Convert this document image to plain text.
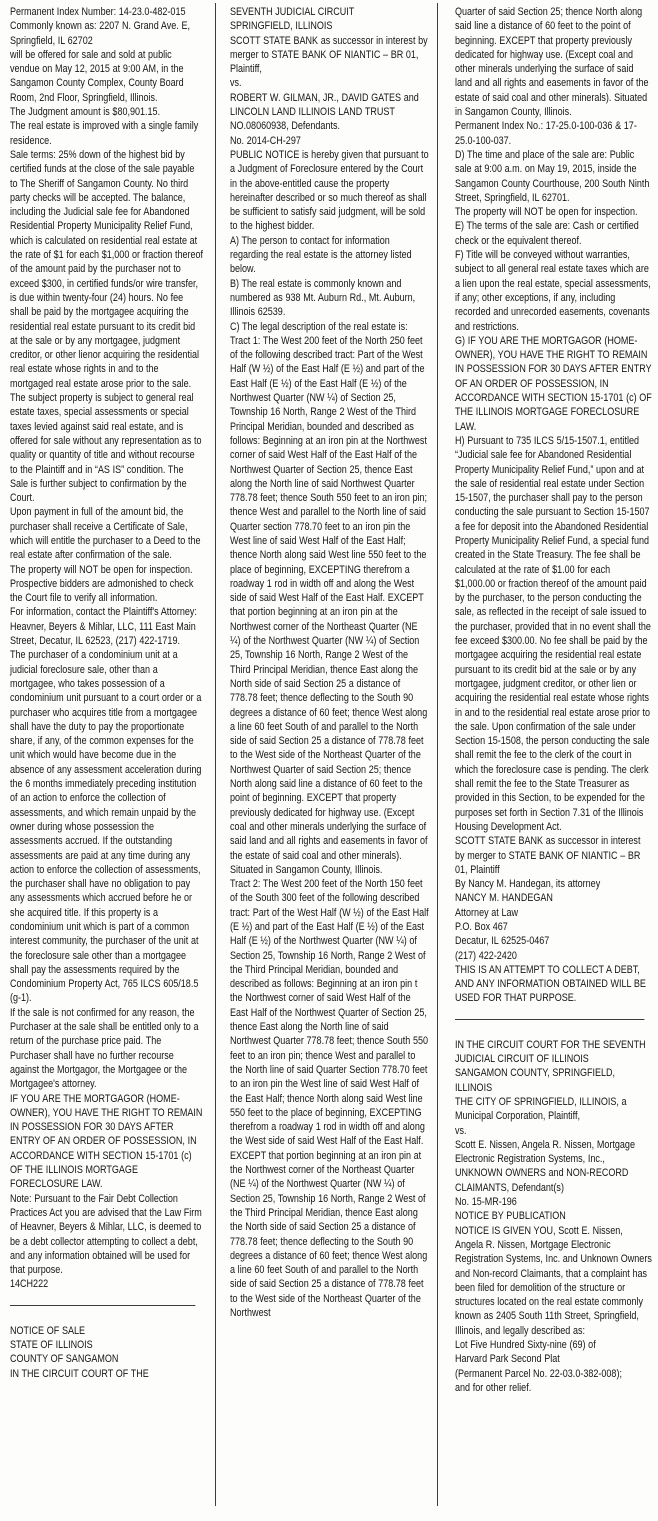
Permanent Index Number: 14-23.0-482-015

Commonly known as: 2207 N. Grand Ave. E, Springfield, IL 62702

will be offered for sale and sold at public vendue on May 12, 2015 at 9:00 AM, in the Sangamon County Complex, County Board Room, 2nd Floor, Springfield, Illinois.

The Judgment amount is $80,901.15.

The real estate is improved with a single family residence.

Sale terms: 25% down of the highest bid by certified funds at the close of the sale payable to The Sheriff of Sangamon County. No third party checks will be accepted. The balance, including the Judicial sale fee for Abandoned Residential Property Municipality Relief Fund, which is calculated on residential real estate at the rate of $1 for each $1,000 or fraction thereof of the amount paid by the purchaser not to exceed $300, in certified funds/or wire transfer, is due within twenty-four (24) hours. No fee shall be paid by the mortgagee acquiring the residential real estate pursuant to its credit bid at the sale or by any mortgagee, judgment creditor, or other lienor acquiring the residential real estate whose rights in and to the mortgaged real estate arose prior to the sale. The subject property is subject to general real estate taxes, special assessments or special taxes levied against said real estate, and is offered for sale without any representation as to quality or quantity of title and without recourse to the Plaintiff and in “AS IS” condition. The Sale is further subject to confirmation by the Court.

Upon payment in full of the amount bid, the purchaser shall receive a Certificate of Sale, which will entitle the purchaser to a Deed to the real estate after confirmation of the sale.

The property will NOT be open for inspection. Prospective bidders are admonished to check the Court file to verify all information.

For information, contact the Plaintiff's Attorney: Heavner, Beyers & Mihlar, LLC, 111 East Main Street, Decatur, IL 62523, (217) 422-1719.

The purchaser of a condominium unit at a judicial foreclosure sale, other than a mortgagee, who takes possession of a condominium unit pursuant to a court order or a purchaser who acquires title from a mortgagee shall have the duty to pay the proportionate share, if any, of the common expenses for the unit which would have become due in the absence of any assessment acceleration during the 6 months immediately preceding institution of an action to enforce the collection of assessments, and which remain unpaid by the owner during whose possession the assessments accrued. If the outstanding assessments are paid at any time during any action to enforce the collection of assessments, the purchaser shall have no obligation to pay any assessments which accrued before he or she acquired title. If this property is a condominium unit which is part of a common interest community, the purchaser of the unit at the foreclosure sale other than a mortgagee shall pay the assessments required by the Condominium Property Act, 765 ILCS 605/18.5 (g-1).

If the sale is not confirmed for any reason, the Purchaser at the sale shall be entitled only to a return of the purchase price paid. The Purchaser shall have no further recourse against the Mortgagor, the Mortgagee or the Mortgagee's attorney.

IF YOU ARE THE MORTGAGOR (HOME-OWNER), YOU HAVE THE RIGHT TO REMAIN IN POSSESSION FOR 30 DAYS AFTER ENTRY OF AN ORDER OF POSSESSION, IN ACCORDANCE WITH SECTION 15-1701 (c) OF THE ILLINOIS MORTGAGE FORECLOSURE LAW.

Note: Pursuant to the Fair Debt Collection Practices Act you are advised that the Law Firm of Heavner, Beyers & Mihlar, LLC, is deemed to be a debt collector attempting to collect a debt, and any information obtained will be used for that purpose.

14CH222

NOTICE OF SALE

STATE OF ILLINOIS

COUNTY OF SANGAMON

IN THE CIRCUIT COURT OF THE

SEVENTH JUDICIAL CIRCUIT

SPRINGFIELD, ILLINOIS

SCOTT STATE BANK as successor in interest by merger to STATE BANK OF NIANTIC – BR 01, Plaintiff,

vs.

ROBERT W. GILMAN, JR., DAVID GATES and LINCOLN LAND ILLINOIS LAND TRUST

NO.08060938, Defendants.

No. 2014-CH-297

PUBLIC NOTICE is hereby given that pursuant to a Judgment of Foreclosure entered by the Court in the above-entitled cause the property hereinafter described or so much thereof as shall be sufficient to satisfy said judgment, will be sold to the highest bidder.

A) The person to contact for information regarding the real estate is the attorney listed below.

B) The real estate is commonly known and numbered as 938 Mt. Auburn Rd., Mt. Auburn, Illinois 62539.

C) The legal description of the real estate is:

Tract 1: The West 200 feet of the North 250 feet of the following described tract: Part of the West Half (W ½) of the East Half (E ½) and part of the East Half (E ½) of the East Half (E ½) of the Northwest Quarter (NW ¼) of Section 25, Township 16 North, Range 2 West of the Third Principal Meridian, bounded and described as follows: Beginning at an iron pin at the Northwest corner of said West Half of the East Half of the Northwest Quarter of Section 25, thence East along the North line of said Northwest Quarter 778.78 feet; thence South 550 feet to an iron pin; thence West and parallel to the North line of said Quarter section 778.70 feet to an iron pin the West line of said West Half of the East Half; thence North along said West line 550 feet to the place of beginning, EXCEPTING therefrom a roadway 1 rod in width off and along the West side of said West Half of the East Half. EXCEPT that portion beginning at an iron pin at the Northwest corner of the Northeast Quarter (NE ¼) of the Northwest Quarter (NW ¼) of Section 25, Township 16 North, Range 2 West of the Third Principal Meridian, thence East along the North side of said Section 25 a distance of 778.78 feet; thence deflecting to the South 90 degrees a distance of 60 feet; thence West along a line 60 feet South of and parallel to the North side of said Section 25 a distance of 778.78 feet to the West side of the Northeast Quarter of the Northwest Quarter of said Section 25; thence North along said line a distance of 60 feet to the point of beginning. EXCEPT that property previously dedicated for highway use. (Except coal and other minerals underlying the surface of said land and all rights and easements in favor of the estate of said coal and other minerals). Situated in Sangamon County, Illinois.

Tract 2: The West 200 feet of the North 150 feet of the South 300 feet of the following described tract: Part of the West Half (W ½) of the East Half (E ½) and part of the East Half (E ½) of the East Half (E ½) of the Northwest Quarter (NW ¼) of Section 25, Township 16 North, Range 2 West of the Third Principal Meridian, bounded and described as follows: Beginning at an iron pin t the Northwest corner of said West Half of the East Half of the Northwest Quarter of Section 25, thence East along the North line of said Northwest Quarter 778.78 feet; thence South 550 feet to an iron pin; thence West and parallel to the North line of said Quarter Section 778.70 feet to an iron pin the West line of said West Half of the East Half; thence North along said West line 550 feet to the place of beginning, EXCEPTING therefrom a roadway 1 rod in width off and along the West side of said West Half of the East Half. EXCEPT that portion beginning at an iron pin at the Northwest corner of the Northeast Quarter (NE ¼) of the Northwest Quarter (NW ¼) of Section 25, Township 16 North, Range 2 West of the Third Principal Meridian, thence East along the North side of said Section 25 a distance of 778.78 feet; thence deflecting to the South 90 degrees a distance of 60 feet; thence West along a line 60 feet South of and parallel to the North side of said Section 25 a distance of 778.78 feet to the West side of the Northeast Quarter of the Northwest

Quarter of said Section 25; thence North along said line a distance of 60 feet to the point of beginning. EXCEPT that property previously dedicated for highway use. (Except coal and other minerals underlying the surface of said land and all rights and easements in favor of the estate of said coal and other minerals). Situated in Sangamon County, Illinois.

Permanent Index No.: 17-25.0-100-036 & 17-25.0-100-037.

D) The time and place of the sale are: Public sale at 9:00 a.m. on May 19, 2015, inside the Sangamon County Courthouse, 200 South Ninth Street, Springfield, IL 62701.

The property will NOT be open for inspection.

E) The terms of the sale are: Cash or certified check or the equivalent thereof.

F) Title will be conveyed without warranties, subject to all general real estate taxes which are a lien upon the real estate, special assessments, if any; other exceptions, if any, including recorded and unrecorded easements, covenants and restrictions.

G) IF YOU ARE THE MORTGAGOR (HOME-OWNER), YOU HAVE THE RIGHT TO REMAIN IN POSSESSION FOR 30 DAYS AFTER ENTRY OF AN ORDER OF POSSESSION, IN ACCORDANCE WITH SECTION 15-1701 (c) OF THE ILLINOIS MORTGAGE FORECLOSURE LAW.

H) Pursuant to 735 ILCS 5/15-1507.1, entitled “Judicial sale fee for Abandoned Residential Property Municipality Relief Fund,” upon and at the sale of residential real estate under Section 15-1507, the purchaser shall pay to the person conducting the sale pursuant to Section 15-1507 a fee for deposit into the Abandoned Residential Property Municipality Relief Fund, a special fund created in the State Treasury. The fee shall be calculated at the rate of $1.00 for each $1,000.00 or fraction thereof of the amount paid by the purchaser, to the person conducting the sale, as reflected in the receipt of sale issued to the purchaser, provided that in no event shall the fee exceed $300.00. No fee shall be paid by the mortgagee acquiring the residential real estate pursuant to its credit bid at the sale or by any mortgagee, judgment creditor, or other lien or acquiring the residential real estate whose rights in and to the residential real estate arose prior to the sale. Upon confirmation of the sale under Section 15-1508, the person conducting the sale shall remit the fee to the clerk of the court in which the foreclosure case is pending. The clerk shall remit the fee to the State Treasurer as provided in this Section, to be expended for the purposes set forth in Section 7.31 of the Illinois Housing Development Act.

SCOTT STATE BANK as successor in interest by merger to STATE BANK OF NIANTIC – BR 01, Plaintiff

By Nancy M. Handegan, its attorney

NANCY M. HANDEGAN

Attorney at Law

P.O. Box 467

Decatur, IL 62525-0467

(217) 422-2420

THIS IS AN ATTEMPT TO COLLECT A DEBT, AND ANY INFORMATION OBTAINED WILL BE USED FOR THAT PURPOSE.

IN THE CIRCUIT COURT FOR THE SEVENTH JUDICIAL CIRCUIT OF ILLINOIS

SANGAMON COUNTY, SPRINGFIELD, ILLINOIS

THE CITY OF SPRINGFIELD, ILLINOIS, a Municipal Corporation, Plaintiff,

vs.

Scott E. Nissen, Angela R. Nissen, Mortgage Electronic Registration Systems, Inc., UNKNOWN OWNERS and NON-RECORD CLAIMANTS, Defendant(s)

No. 15-MR-196

NOTICE BY PUBLICATION

NOTICE IS GIVEN YOU, Scott E. Nissen, Angela R. Nissen, Mortgage Electronic Registration Systems, Inc. and Unknown Owners and Non-record Claimants, that a complaint has been filed for demolition of the structure or structures located on the real estate commonly known as 2405 South 11th Street, Springfield, Illinois, and legally described as:

Lot Five Hundred Sixty-nine (69) of

Harvard Park Second Plat

(Permanent Parcel No. 22-03.0-382-008);

and for other relief.
